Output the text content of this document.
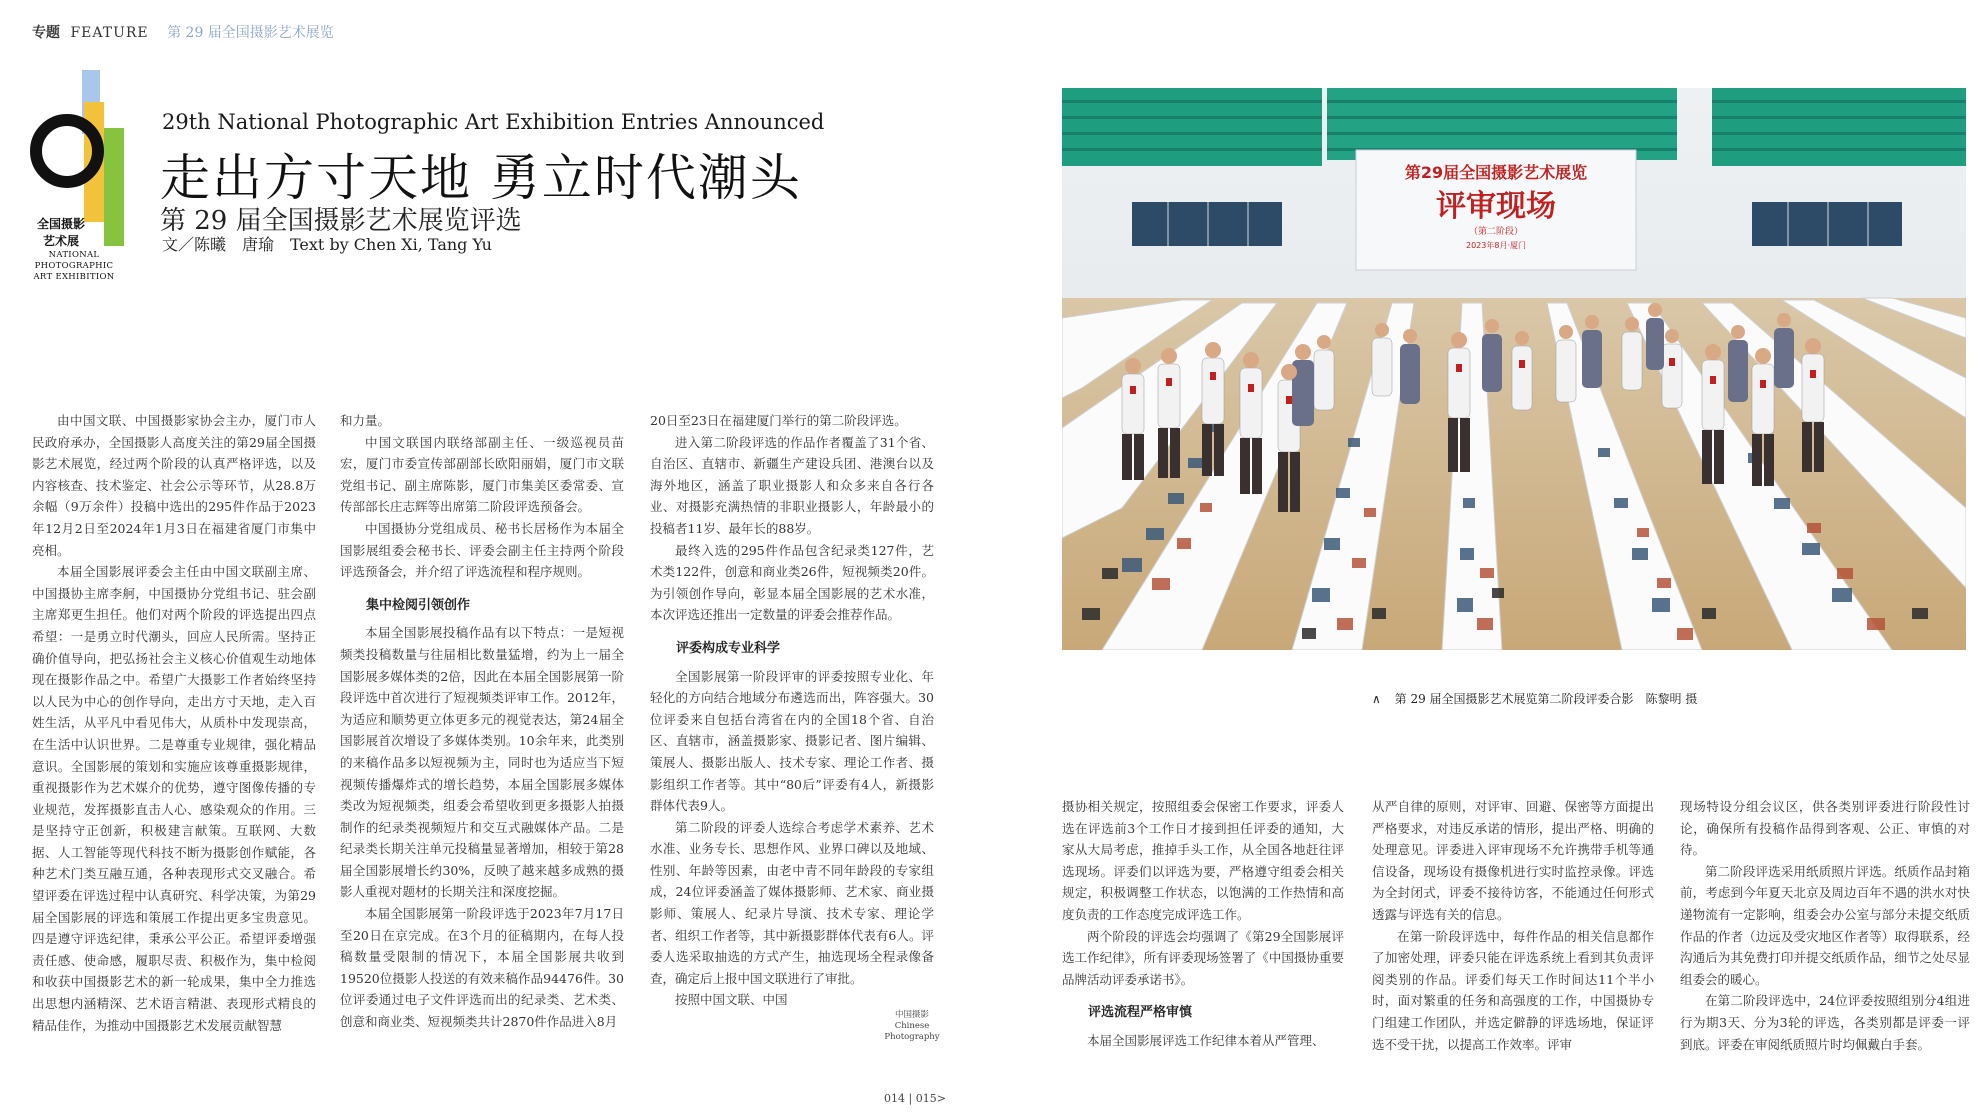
专题 FEATURE 第 29 届全国摄影艺术展览
全国摄影
艺术展
NATIONAL
PHOTOGRAPHIC
ART EXHIBITION
29th National Photographic Art Exhibition Entries Announced
走出方寸天地 勇立时代潮头
第 29 届全国摄影艺术展览评选
文／陈曦　唐瑜　Text by Chen Xi, Tang Yu

由中国文联、中国摄影家协会主办，厦门市人民政府承办，全国摄影人高度关注的第29届全国摄影艺术展览，经过两个阶段的认真严格评选，以及内容核查、技术鉴定、社会公示等环节，从28.8万余幅（9万余件）投稿中选出的295件作品于2023年12月2日至2024年1月3日在福建省厦门市集中亮相。

本届全国影展评委会主任由中国文联副主席、中国摄协主席李舸，中国摄协分党组书记、驻会副主席郑更生担任。他们对两个阶段的评选提出四点希望：一是勇立时代潮头，回应人民所需。坚持正确价值导向，把弘扬社会主义核心价值观生动地体现在摄影作品之中。希望广大摄影工作者始终坚持以人民为中心的创作导向，走出方寸天地，走入百姓生活，从平凡中看见伟大，从质朴中发现崇高，在生活中认识世界。二是尊重专业规律，强化精品意识。全国影展的策划和实施应该尊重摄影规律，重视摄影作为艺术媒介的优势，遵守图像传播的专业规范，发挥摄影直击人心、感染观众的作用。三是坚持守正创新，积极建言献策。互联网、大数据、人工智能等现代科技不断为摄影创作赋能，各种艺术门类互融互通，各种表现形式交叉融合。希望评委在评选过程中认真研究、科学决策，为第29届全国影展的评选和策展工作提出更多宝贵意见。四是遵守评选纪律，秉承公平公正。希望评委增强责任感、使命感，履职尽责、积极作为，集中检阅和收获中国摄影艺术的新一轮成果，集中全力推选出思想内涵精深、艺术语言精湛、表现形式精良的精品佳作，为推动中国摄影艺术发展贡献智慧

和力量。

中国文联国内联络部副主任、一级巡视员苗宏，厦门市委宣传部副部长欧阳丽娟，厦门市文联党组书记、副主席陈影，厦门市集美区委常委、宣传部部长庄志辉等出席第二阶段评选预备会。

中国摄协分党组成员、秘书长居杨作为本届全国影展组委会秘书长、评委会副主任主持两个阶段评选预备会，并介绍了评选流程和程序规则。

集中检阅引领创作

本届全国影展投稿作品有以下特点：一是短视频类投稿数量与往届相比数量猛增，约为上一届全国影展多媒体类的2倍，因此在本届全国影展第一阶段评选中首次进行了短视频类评审工作。2012年，为适应和顺势更立体更多元的视觉表达，第24届全国影展首次增设了多媒体类别。10余年来，此类别的来稿作品多以短视频为主，同时也为适应当下短视频传播爆炸式的增长趋势，本届全国影展多媒体类改为短视频类，组委会希望收到更多摄影人拍摄制作的纪录类视频短片和交互式融媒体产品。二是纪录类长期关注单元投稿量显著增加，相较于第28届全国影展增长约30%，反映了越来越多成熟的摄影人重视对题材的长期关注和深度挖掘。

本届全国影展第一阶段评选于2023年7月17日至20日在京完成。在3个月的征稿期内，在每人投稿数量受限制的情况下，本届全国影展共收到19520位摄影人投送的有效来稿作品94476件。30位评委通过电子文件评选而出的纪录类、艺术类、创意和商业类、短视频类共计2870件作品进入8月

20日至23日在福建厦门举行的第二阶段评选。

进入第二阶段评选的作品作者覆盖了31个省、自治区、直辖市、新疆生产建设兵团、港澳台以及海外地区，涵盖了职业摄影人和众多来自各行各业、对摄影充满热情的非职业摄影人，年龄最小的投稿者11岁、最年长的88岁。

最终入选的295件作品包含纪录类127件，艺术类122件，创意和商业类26件，短视频类20件。为引领创作导向，彰显本届全国影展的艺术水准，本次评选还推出一定数量的评委会推荐作品。

评委构成专业科学

全国影展第一阶段评审的评委按照专业化、年轻化的方向结合地域分布遴选而出，阵容强大。30位评委来自包括台湾省在内的全国18个省、自治区、直辖市，涵盖摄影家、摄影记者、图片编辑、策展人、摄影出版人、技术专家、理论工作者、摄影组织工作者等。其中“80后”评委有4人，新摄影群体代表9人。

第二阶段的评委人选综合考虑学术素养、艺术水准、业务专长、思想作风、业界口碑以及地域、性别、年龄等因素，由老中青不同年龄段的专家组成，24位评委涵盖了媒体摄影师、艺术家、商业摄影师、策展人、纪录片导演、技术专家、理论学者、组织工作者等，其中新摄影群体代表有6人。评委人选采取抽选的方式产生，抽选现场全程录像备查，确定后上报中国文联进行了审批。

按照中国文联、中国

中国摄影
Chinese
Photography
014 | 015>
第29届全国摄影艺术展览
评审现场
（第二阶段）
2023年8月·厦门
∧ 第 29 届全国摄影艺术展览第二阶段评委合影　陈黎明 摄

摄协相关规定，按照组委会保密工作要求，评委人选在评选前3个工作日才接到担任评委的通知，大家从大局考虑，推掉手头工作，从全国各地赶往评选现场。评委们以评选为要，严格遵守组委会相关规定，积极调整工作状态，以饱满的工作热情和高度负责的工作态度完成评选工作。

两个阶段的评选会均强调了《第29全国影展评选工作纪律》，所有评委现场签署了《中国摄协重要品牌活动评委承诺书》。

评选流程严格审慎

本届全国影展评选工作纪律本着从严管理、

从严自律的原则，对评审、回避、保密等方面提出严格要求，对违反承诺的情形，提出严格、明确的处理意见。评委进入评审现场不允许携带手机等通信设备，现场设有摄像机进行实时监控录像。评选为全封闭式，评委不接待访客，不能通过任何形式透露与评选有关的信息。

在第一阶段评选中，每件作品的相关信息都作了加密处理，评委只能在评选系统上看到其负责评阅类别的作品。评委们每天工作时间达11个半小时，面对繁重的任务和高强度的工作，中国摄协专门组建工作团队，并选定僻静的评选场地，保证评选不受干扰，以提高工作效率。评审

现场特设分组会议区，供各类别评委进行阶段性讨论，确保所有投稿作品得到客观、公正、审慎的对待。

第二阶段评选采用纸质照片评选。纸质作品封箱前，考虑到今年夏天北京及周边百年不遇的洪水对快递物流有一定影响，组委会办公室与部分未提交纸质作品的作者（边远及受灾地区作者等）取得联系，经沟通后为其免费打印并提交纸质作品，细节之处尽显组委会的暖心。

在第二阶段评选中，24位评委按照组别分4组进行为期3天、分为3轮的评选，各类别都是评委一评到底。评委在审阅纸质照片时均佩戴白手套。
